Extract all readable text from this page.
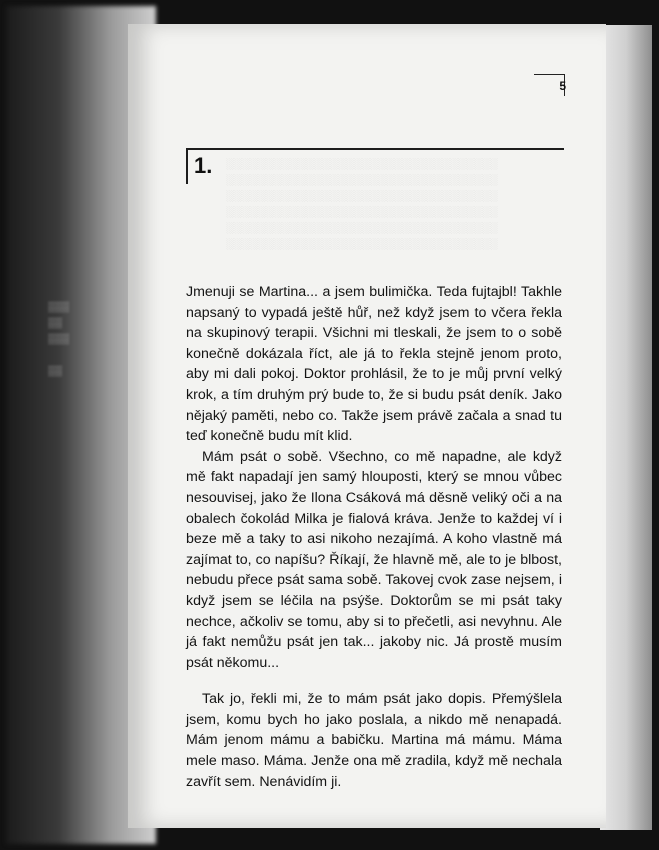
5
1. ░░░░░░░░░░░░░░░░░░░░░░░░░░░░░░░░░░
░░░░░░░░░░░░░░░░░░░░░░░░░░░░░░░░░░
░░░░░░░░░░░░░░░░░░░░░░░░░░░░░░░░░░
░░░░░░░░░░░░░░░░░░░░░░░░░░░░░░░░░░
░░░░░░░░░░░░░░░░░░░░░░░░░░░░░░░░░░
░░░░░░░░░░░░░░░░░░░░░░░░░░░░░░░░░░

Jmenuji se Martina... a jsem bulimička. Teda fujtajbl! Takhle napsaný to vypadá ještě hůř, než když jsem to včera řekla na skupinový terapii. Všichni mi tleskali, že jsem to o sobě konečně dokázala říct, ale já to řekla stejně jenom proto, aby mi dali pokoj. Doktor prohlásil, že to je můj první velký krok, a tím druhým prý bude to, že si budu psát deník. Jako nějaký paměti, nebo co. Takže jsem právě začala a snad tu teď konečně budu mít klid.

Mám psát o sobě. Všechno, co mě napadne, ale když mě fakt napadají jen samý hlouposti, který se mnou vůbec nesouvisej, jako že Ilona Csáková má děsně veliký oči a na obalech čokolád Milka je fialová kráva. Jenže to každej ví i beze mě a taky to asi nikoho nezajímá. A koho vlastně má zajímat to, co napíšu? Říkají, že hlavně mě, ale to je blbost, nebudu přece psát sama sobě. Takovej cvok zase nejsem, i když jsem se léčila na psýše. Doktorům se mi psát taky nechce, ačkoliv se tomu, aby si to přečetli, asi nevyhnu. Ale já fakt nemůžu psát jen tak... jakoby nic. Já prostě musím psát někomu...

Tak jo, řekli mi, že to mám psát jako dopis. Přemýšlela jsem, komu bych ho jako poslala, a nikdo mě nenapadá. Mám jenom mámu a babičku. Martina má mámu. Máma mele maso. Máma. Jenže ona mě zradila, když mě nechala zavřít sem. Nenávidím ji.

▒▒▒
▒▒
▒▒▒

▒▒
